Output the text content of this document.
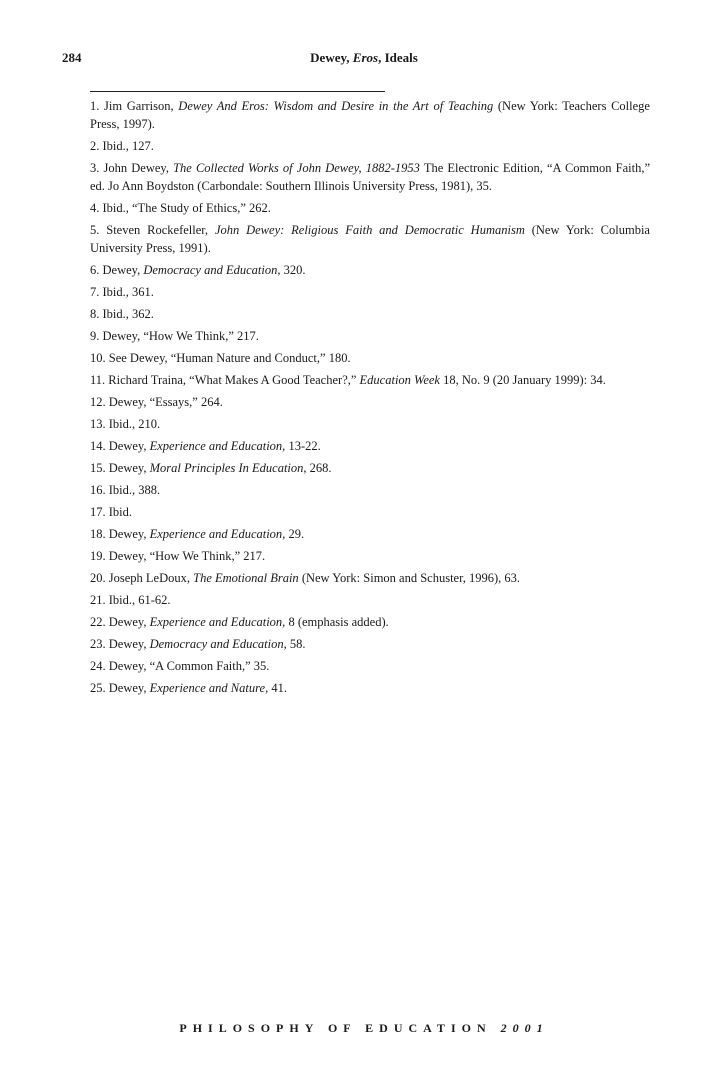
284	Dewey, Eros, Ideals
1. Jim Garrison, Dewey And Eros: Wisdom and Desire in the Art of Teaching (New York: Teachers College Press, 1997).
2. Ibid., 127.
3. John Dewey, The Collected Works of John Dewey, 1882-1953 The Electronic Edition, “A Common Faith,” ed. Jo Ann Boydston (Carbondale: Southern Illinois University Press, 1981), 35.
4. Ibid., “The Study of Ethics,” 262.
5. Steven Rockefeller, John Dewey: Religious Faith and Democratic Humanism (New York: Columbia University Press, 1991).
6. Dewey, Democracy and Education, 320.
7. Ibid., 361.
8. Ibid., 362.
9. Dewey, “How We Think,” 217.
10. See Dewey, “Human Nature and Conduct,” 180.
11. Richard Traina, “What Makes A Good Teacher?,” Education Week 18, No. 9 (20 January 1999): 34.
12. Dewey, “Essays,” 264.
13. Ibid., 210.
14. Dewey, Experience and Education, 13-22.
15. Dewey, Moral Principles In Education, 268.
16. Ibid., 388.
17. Ibid.
18. Dewey, Experience and Education, 29.
19. Dewey, “How We Think,” 217.
20. Joseph LeDoux, The Emotional Brain (New York: Simon and Schuster, 1996), 63.
21. Ibid., 61-62.
22. Dewey, Experience and Education, 8 (emphasis added).
23. Dewey, Democracy and Education, 58.
24. Dewey, “A Common Faith,” 35.
25. Dewey, Experience and Nature, 41.
PHILOSOPHY OF EDUCATION 2001
